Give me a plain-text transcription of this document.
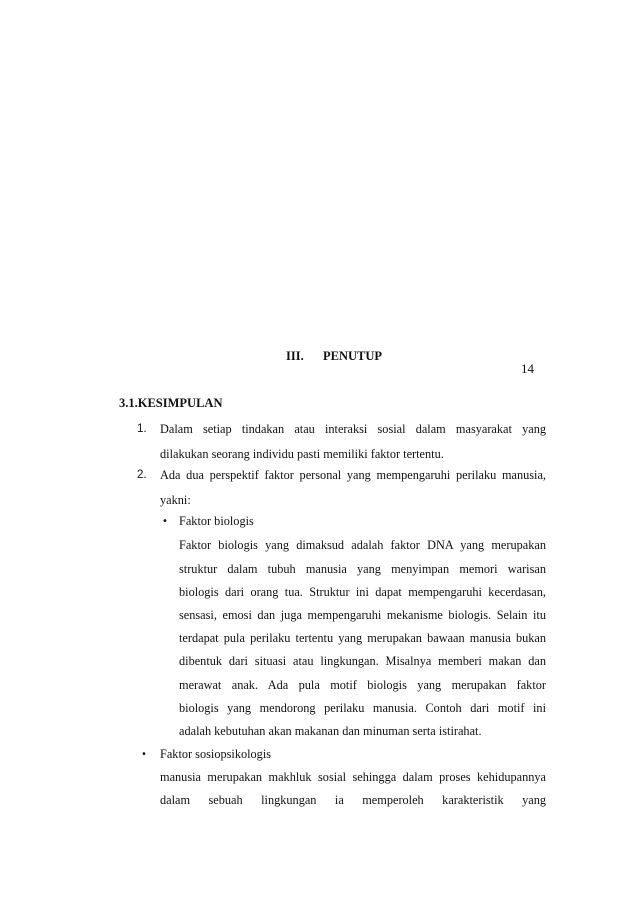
III. PENUTUP
14
3.1.KESIMPULAN
1. Dalam setiap tindakan atau interaksi sosial dalam masyarakat yang
dilakukan seorang individu pasti memiliki faktor tertentu.
2. Ada dua perspektif faktor personal yang mempengaruhi perilaku manusia,
yakni:
• Faktor biologis
Faktor biologis yang dimaksud adalah faktor DNA yang merupakan
struktur dalam tubuh manusia yang menyimpan memori warisan
biologis dari orang tua. Struktur ini dapat mempengaruhi kecerdasan,
sensasi, emosi dan juga mempengaruhi mekanisme biologis. Selain itu
terdapat pula perilaku tertentu yang merupakan bawaan manusia bukan
dibentuk dari situasi atau lingkungan. Misalnya memberi makan dan
merawat anak. Ada pula motif biologis yang merupakan faktor
biologis yang mendorong perilaku manusia. Contoh dari motif ini
adalah kebutuhan akan makanan dan minuman serta istirahat.
• Faktor sosiopsikologis
manusia merupakan makhluk sosial sehingga dalam proses kehidupannya
dalam sebuah lingkungan ia memperoleh karakteristik yang
